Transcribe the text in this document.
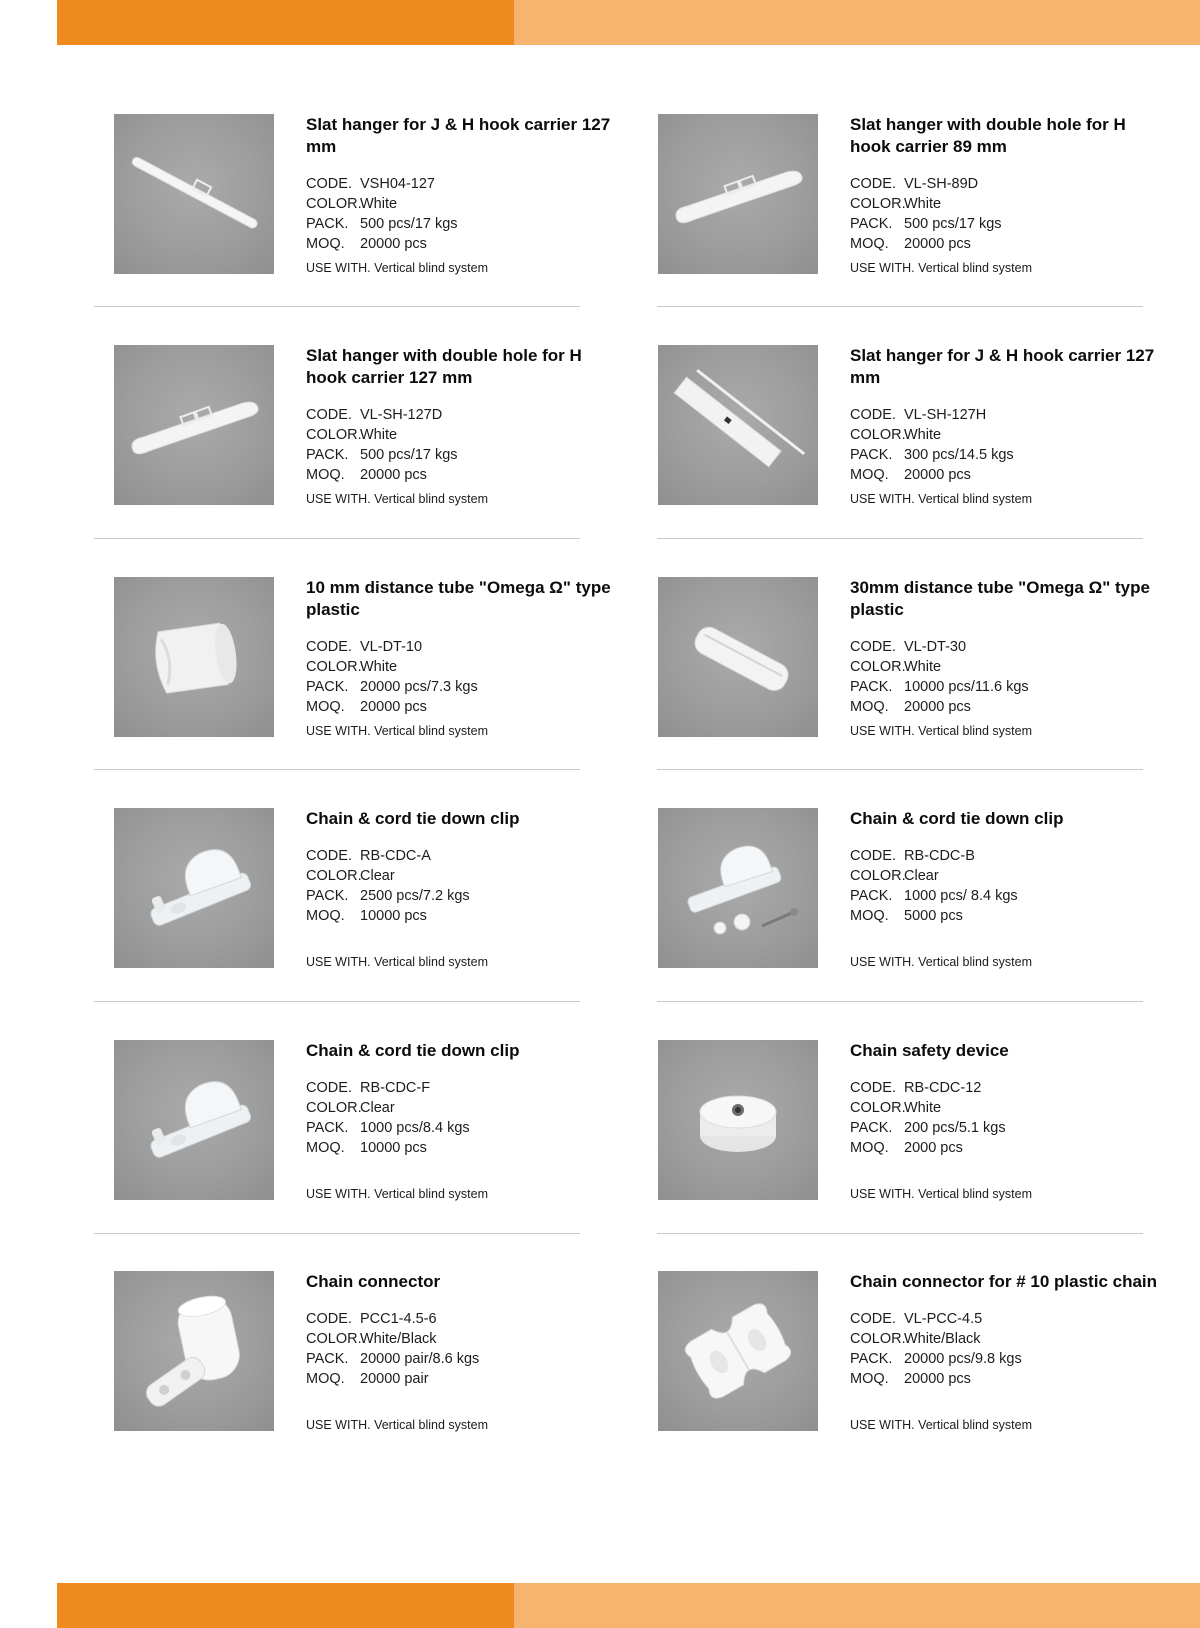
Slat hanger for J & H hook carrier 127 mm
CODE. VSH04-127
COLOR.
White
PACK. 500 pcs/17 kgs
MOQ.	20000 pcs
USE WITH. Vertical blind system
Slat hanger with double hole for H hook carrier 89 mm
CODE. VL-SH-89D
COLOR.
White
PACK. 500 pcs/17 kgs
MOQ.	20000 pcs
USE WITH. Vertical blind system
Slat hanger with double hole for H hook carrier 127 mm
CODE. VL-SH-127D
COLOR.
White
PACK. 500 pcs/17 kgs
MOQ.	20000 pcs
USE WITH. Vertical blind system
Slat hanger for J & H hook carrier 127 mm
CODE. VL-SH-127H
COLOR.
White
PACK. 300 pcs/14.5 kgs
MOQ.	20000 pcs
USE WITH. Vertical blind system
10 mm distance tube "Omega Ω" type plastic
CODE. VL-DT-10
COLOR.
White
PACK. 20000 pcs/7.3 kgs
MOQ.	20000 pcs
USE WITH. Vertical blind system
30mm distance tube "Omega Ω" type plastic
CODE. VL-DT-30
COLOR.
White
PACK. 10000 pcs/11.6 kgs
MOQ.	20000 pcs
USE WITH. Vertical blind system
Chain & cord tie down clip
CODE. RB-CDC-A
COLOR.
Clear
PACK. 2500 pcs/7.2 kgs
MOQ.	10000 pcs
USE WITH. Vertical blind system
Chain & cord tie down clip
CODE. RB-CDC-B
COLOR.
Clear
PACK. 1000 pcs/ 8.4 kgs
MOQ.	5000 pcs
USE WITH. Vertical blind system
Chain & cord tie down clip
CODE. RB-CDC-F
COLOR.
Clear
PACK. 1000 pcs/8.4 kgs
MOQ.	10000 pcs
USE WITH. Vertical blind system
Chain safety device
CODE. RB-CDC-12
COLOR.
White
PACK. 200 pcs/5.1 kgs
MOQ.	2000 pcs
USE WITH. Vertical blind system
Chain connector
CODE. PCC1-4.5-6
COLOR.
White/Black
PACK. 20000 pair/8.6 kgs
MOQ.	20000 pair
USE WITH. Vertical blind system
Chain connector for # 10 plastic chain
CODE. VL-PCC-4.5
COLOR.
White/Black
PACK. 20000 pcs/9.8 kgs
MOQ.	20000 pcs
USE WITH. Vertical blind system
